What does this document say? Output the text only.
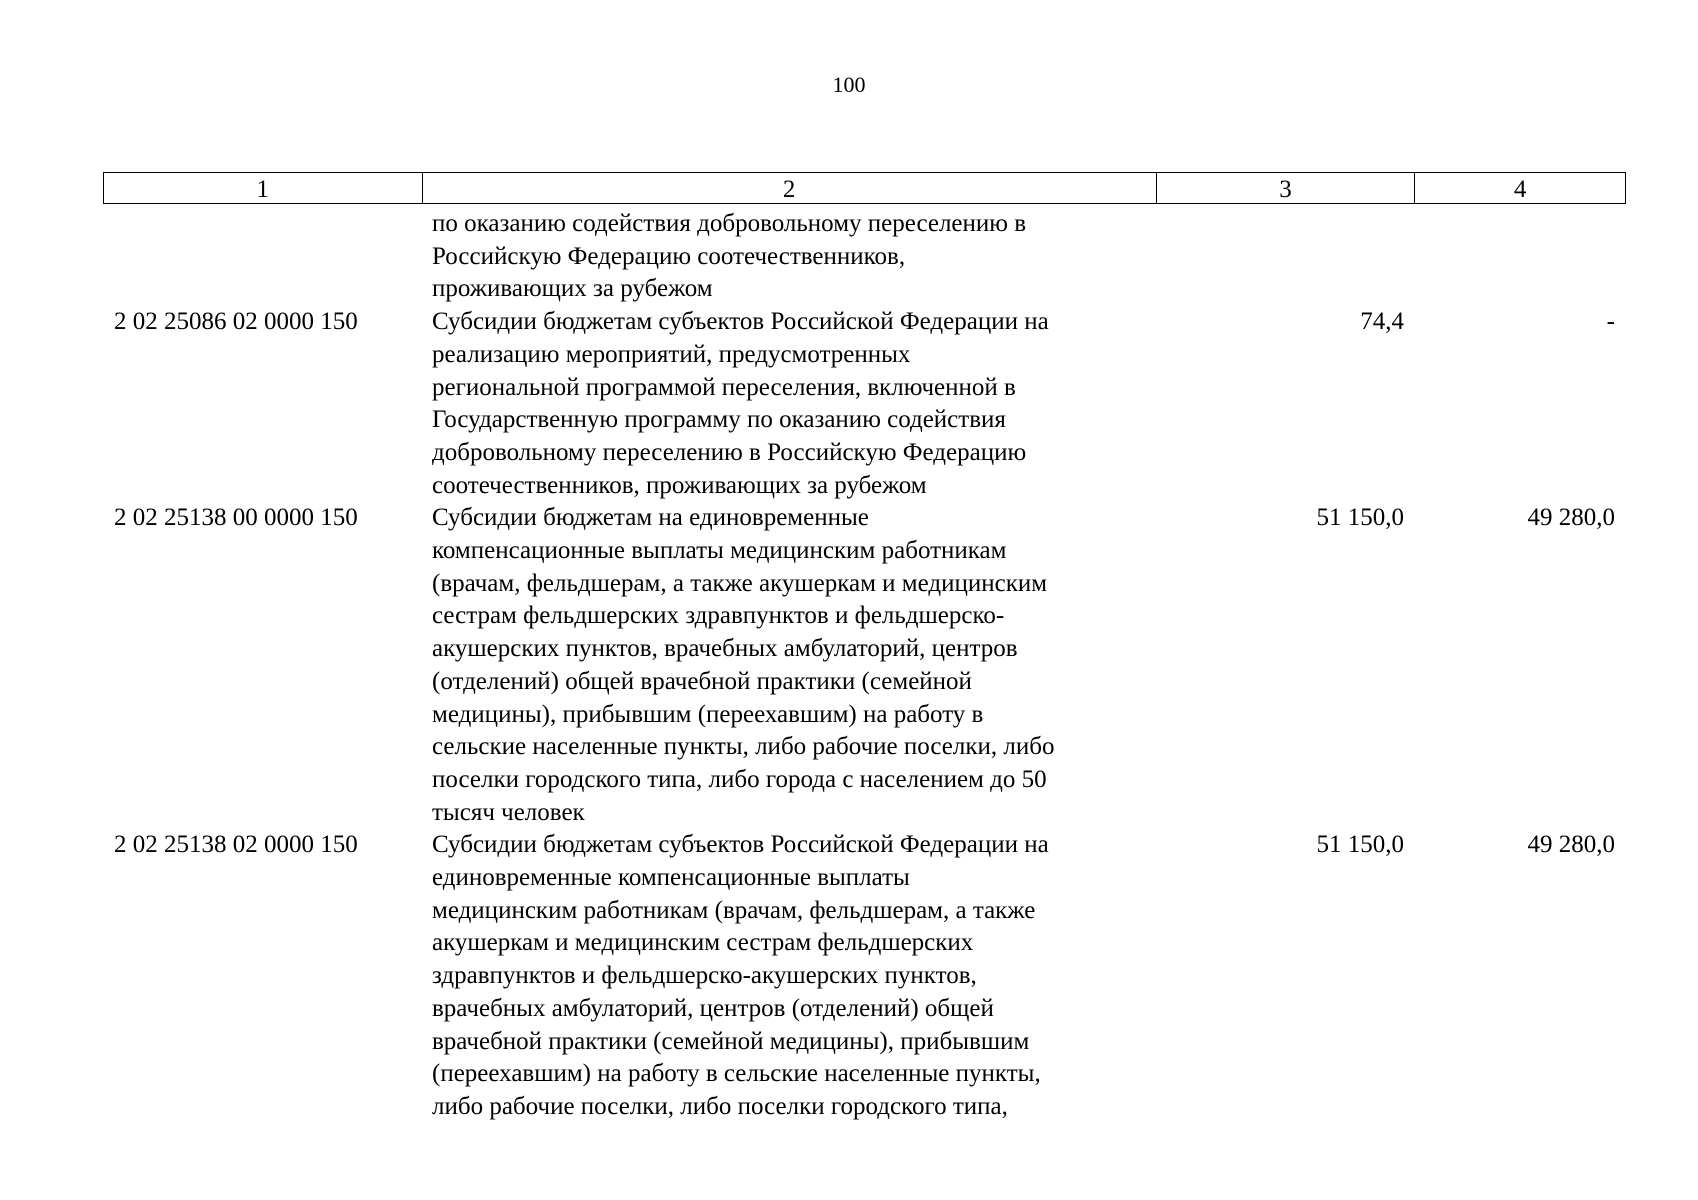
100
1	2	3	4
по оказанию содействия добровольному переселению в
Российскую Федерацию соотечественников,
проживающих за рубежом
2 02 25086 02 0000 150	Субсидии бюджетам субъектов Российской Федерации на
реализацию мероприятий, предусмотренных
региональной программой переселения, включенной в
Государственную программу по оказанию содействия
добровольному переселению в Российскую Федерацию
соотечественников, проживающих за рубежом
74,4	-
2 02 25138 00 0000 150	Субсидии бюджетам на единовременные
компенсационные выплаты медицинским работникам
(врачам, фельдшерам, а также акушеркам и медицинским
сестрам фельдшерских здравпунктов и фельдшерско-
акушерских пунктов, врачебных амбулаторий, центров
(отделений) общей врачебной практики (семейной
медицины), прибывшим (переехавшим) на работу в
сельские населенные пункты, либо рабочие поселки, либо
поселки городского типа, либо города с населением до 50
тысяч человек
51 150,0	49 280,0
2 02 25138 02 0000 150	Субсидии бюджетам субъектов Российской Федерации на
единовременные компенсационные выплаты
медицинским работникам (врачам, фельдшерам, а также
акушеркам и медицинским сестрам фельдшерских
здравпунктов и фельдшерско-акушерских пунктов,
врачебных амбулаторий, центров (отделений) общей
врачебной практики (семейной медицины), прибывшим
(переехавшим) на работу в сельские населенные пункты,
либо рабочие поселки, либо поселки городского типа,
51 150,0	49 280,0
